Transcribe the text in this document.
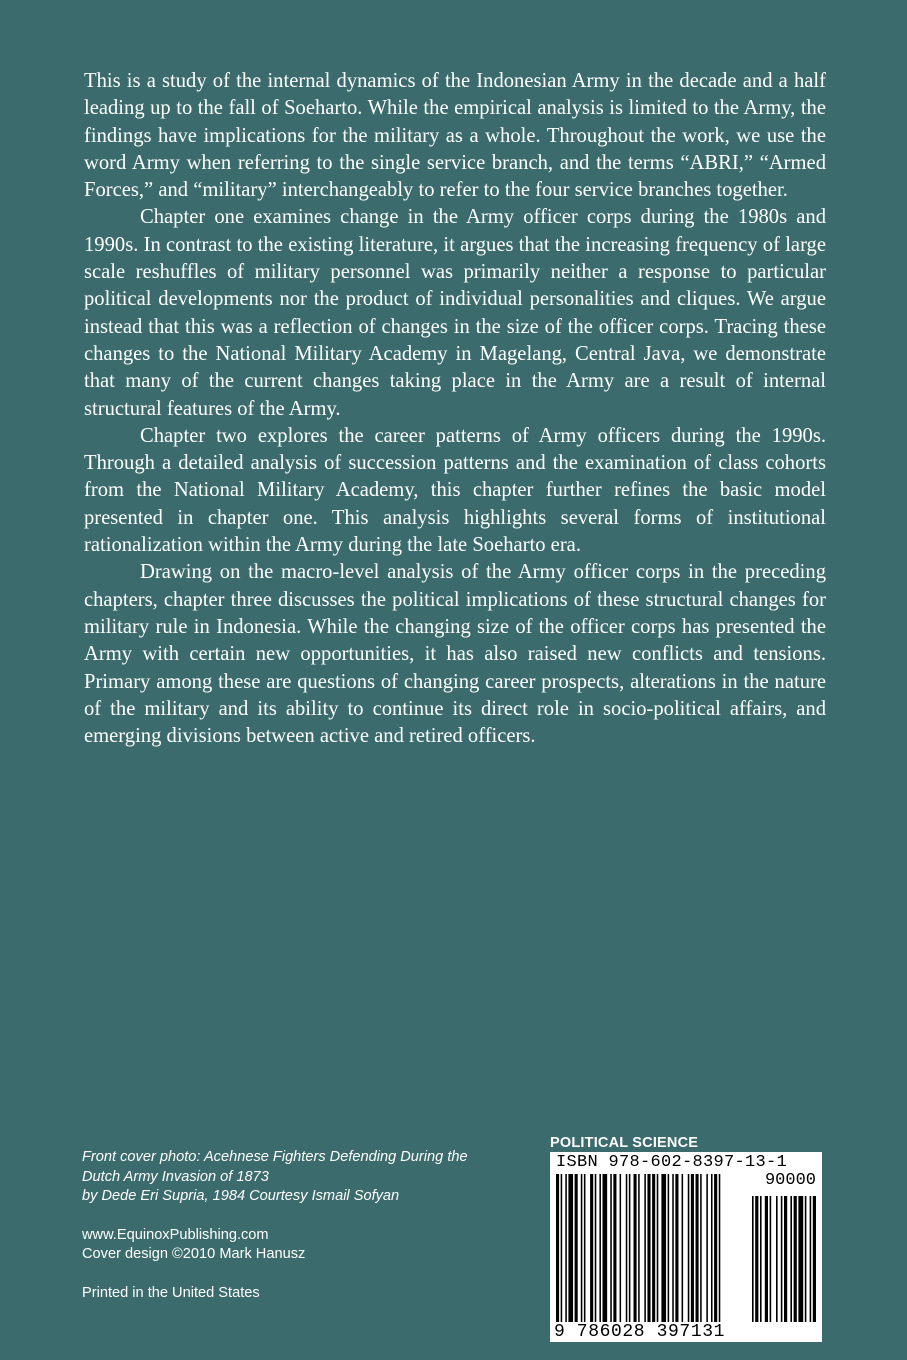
This is a study of the internal dynamics of the Indonesian Army in the decade and a half leading up to the fall of Soeharto. While the empirical analysis is limited to the Army, the findings have implications for the military as a whole. Throughout the work, we use the word Army when referring to the single service branch, and the terms “ABRI,” “Armed Forces,” and “military” interchangeably to refer to the four service branches together.

Chapter one examines change in the Army officer corps during the 1980s and 1990s. In contrast to the existing literature, it argues that the increasing frequency of large scale reshuffles of military personnel was primarily neither a response to particular political developments nor the product of individual personalities and cliques. We argue instead that this was a reflection of changes in the size of the officer corps. Tracing these changes to the National Military Academy in Magelang, Central Java, we demonstrate that many of the current changes taking place in the Army are a result of internal structural features of the Army.

Chapter two explores the career patterns of Army officers during the 1990s. Through a detailed analysis of succession patterns and the examination of class cohorts from the National Military Academy, this chapter further refines the basic model presented in chapter one. This analysis highlights several forms of institutional rationalization within the Army during the late Soeharto era.

Drawing on the macro-level analysis of the Army officer corps in the preceding chapters, chapter three discusses the political implications of these structural changes for military rule in Indonesia. While the changing size of the officer corps has presented the Army with certain new opportunities, it has also raised new conflicts and tensions. Primary among these are questions of changing career prospects, alterations in the nature of the military and its ability to continue its direct role in socio-political affairs, and emerging divisions between active and retired officers.

Front cover photo: Acehnese Fighters Defending During the
Dutch Army Invasion of 1873
by Dede Eri Supria, 1984 Courtesy Ismail Sofyan
www.EquinoxPublishing.com
Cover design ©2010 Mark Hanusz
Printed in the United States
POLITICAL SCIENCE
ISBN 978-602-8397-13-1
90000
9 786028 397131
